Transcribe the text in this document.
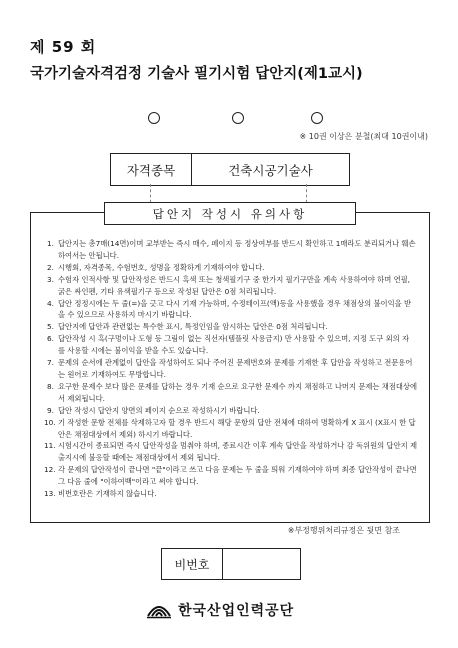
제 59 회
국가기술자격검정 기술사 필기시험 답안지(제1교시)
※ 10권 이상은 분철(최대 10권이내)
자격종목	건축시공기술사
답안지 작성시 유의사항
1. 답안지는 총7매(14면)이며 교부받는 즉시 매수, 페이지 등 정상여부를 반드시 확인하고 1매라도 분리되거나 훼손하여서는 안됩니다.
2. 시행회, 자격종목, 수험번호, 성명을 정확하게 기재하여야 합니다.
3. 수험자 인적사항 및 답안작성은 반드시 흑색 또는 청색필기구 중 한가지 필기구만을 계속 사용하여야 하며 연필, 굵은 싸인펜, 기타 유색필기구 등으로 작성된 답안은 0점 처리됩니다.
4. 답안 정정시에는 두 줄(=)을 긋고 다시 기재 가능하며, 수정테이프(액)등을 사용했을 경우 채점상의 불이익을 받을 수 있으므로 사용하지 마시기 바랍니다.
5. 답안지에 답안과 관련없는 특수한 표시, 특정인임을 암시하는 답안은 0점 처리됩니다.
6. 답안작성 시 흑(구멍이나 도형 등 그림이 없는 직선자(템플릿 사용금지) 만 사용할 수 있으며, 지정 도구 외의 자 를 사용할 시에는 불이익을 받을 수도 있습니다.
7. 문제의 순서에 관계없이 답안을 작성하여도 되나 주어진 문제번호와 문제를 기재한 후 답안을 작성하고 전문용어는 원어로 기재하여도 무방합니다.
8. 요구한 문제수 보다 많은 문제를 답하는 경우 기재 순으로 요구한 문제수 까지 채점하고 나머지 문제는 채점대상에서 제외됩니다.
9. 답안 작성시 답안지 양면의 페이지 순으로 작성하시기 바랍니다.
10. 기 작성한 문항 전체를 삭제하고자 할 경우 반드시 해당 문항의 답안 전체에 대하여 명확하게 X 표시 (X표시 한 답안은 채점대상에서 제외) 하시기 바랍니다.
11. 시험시간이 종료되면 즉시 답안작성을 멈춰야 하며, 종료시간 이후 계속 답안을 작성하거나 감 독위원의 답안지 제출지시에 불응할 때에는 채점대상에서 제외 됩니다.
12. 각 문제의 답안작성이 끝나면 "끝"이라고 쓰고 다음 문제는 두 줄을 띄워 기재하여야 하며 최종 답안작성이 끝나면 그 다음 줄에 "이하여백"이라고 써야 합니다.
13. 비번호란은 기재하지 않습니다.
※부정행위처리규정은 뒷면 참조
비번호
한국산업인력공단
